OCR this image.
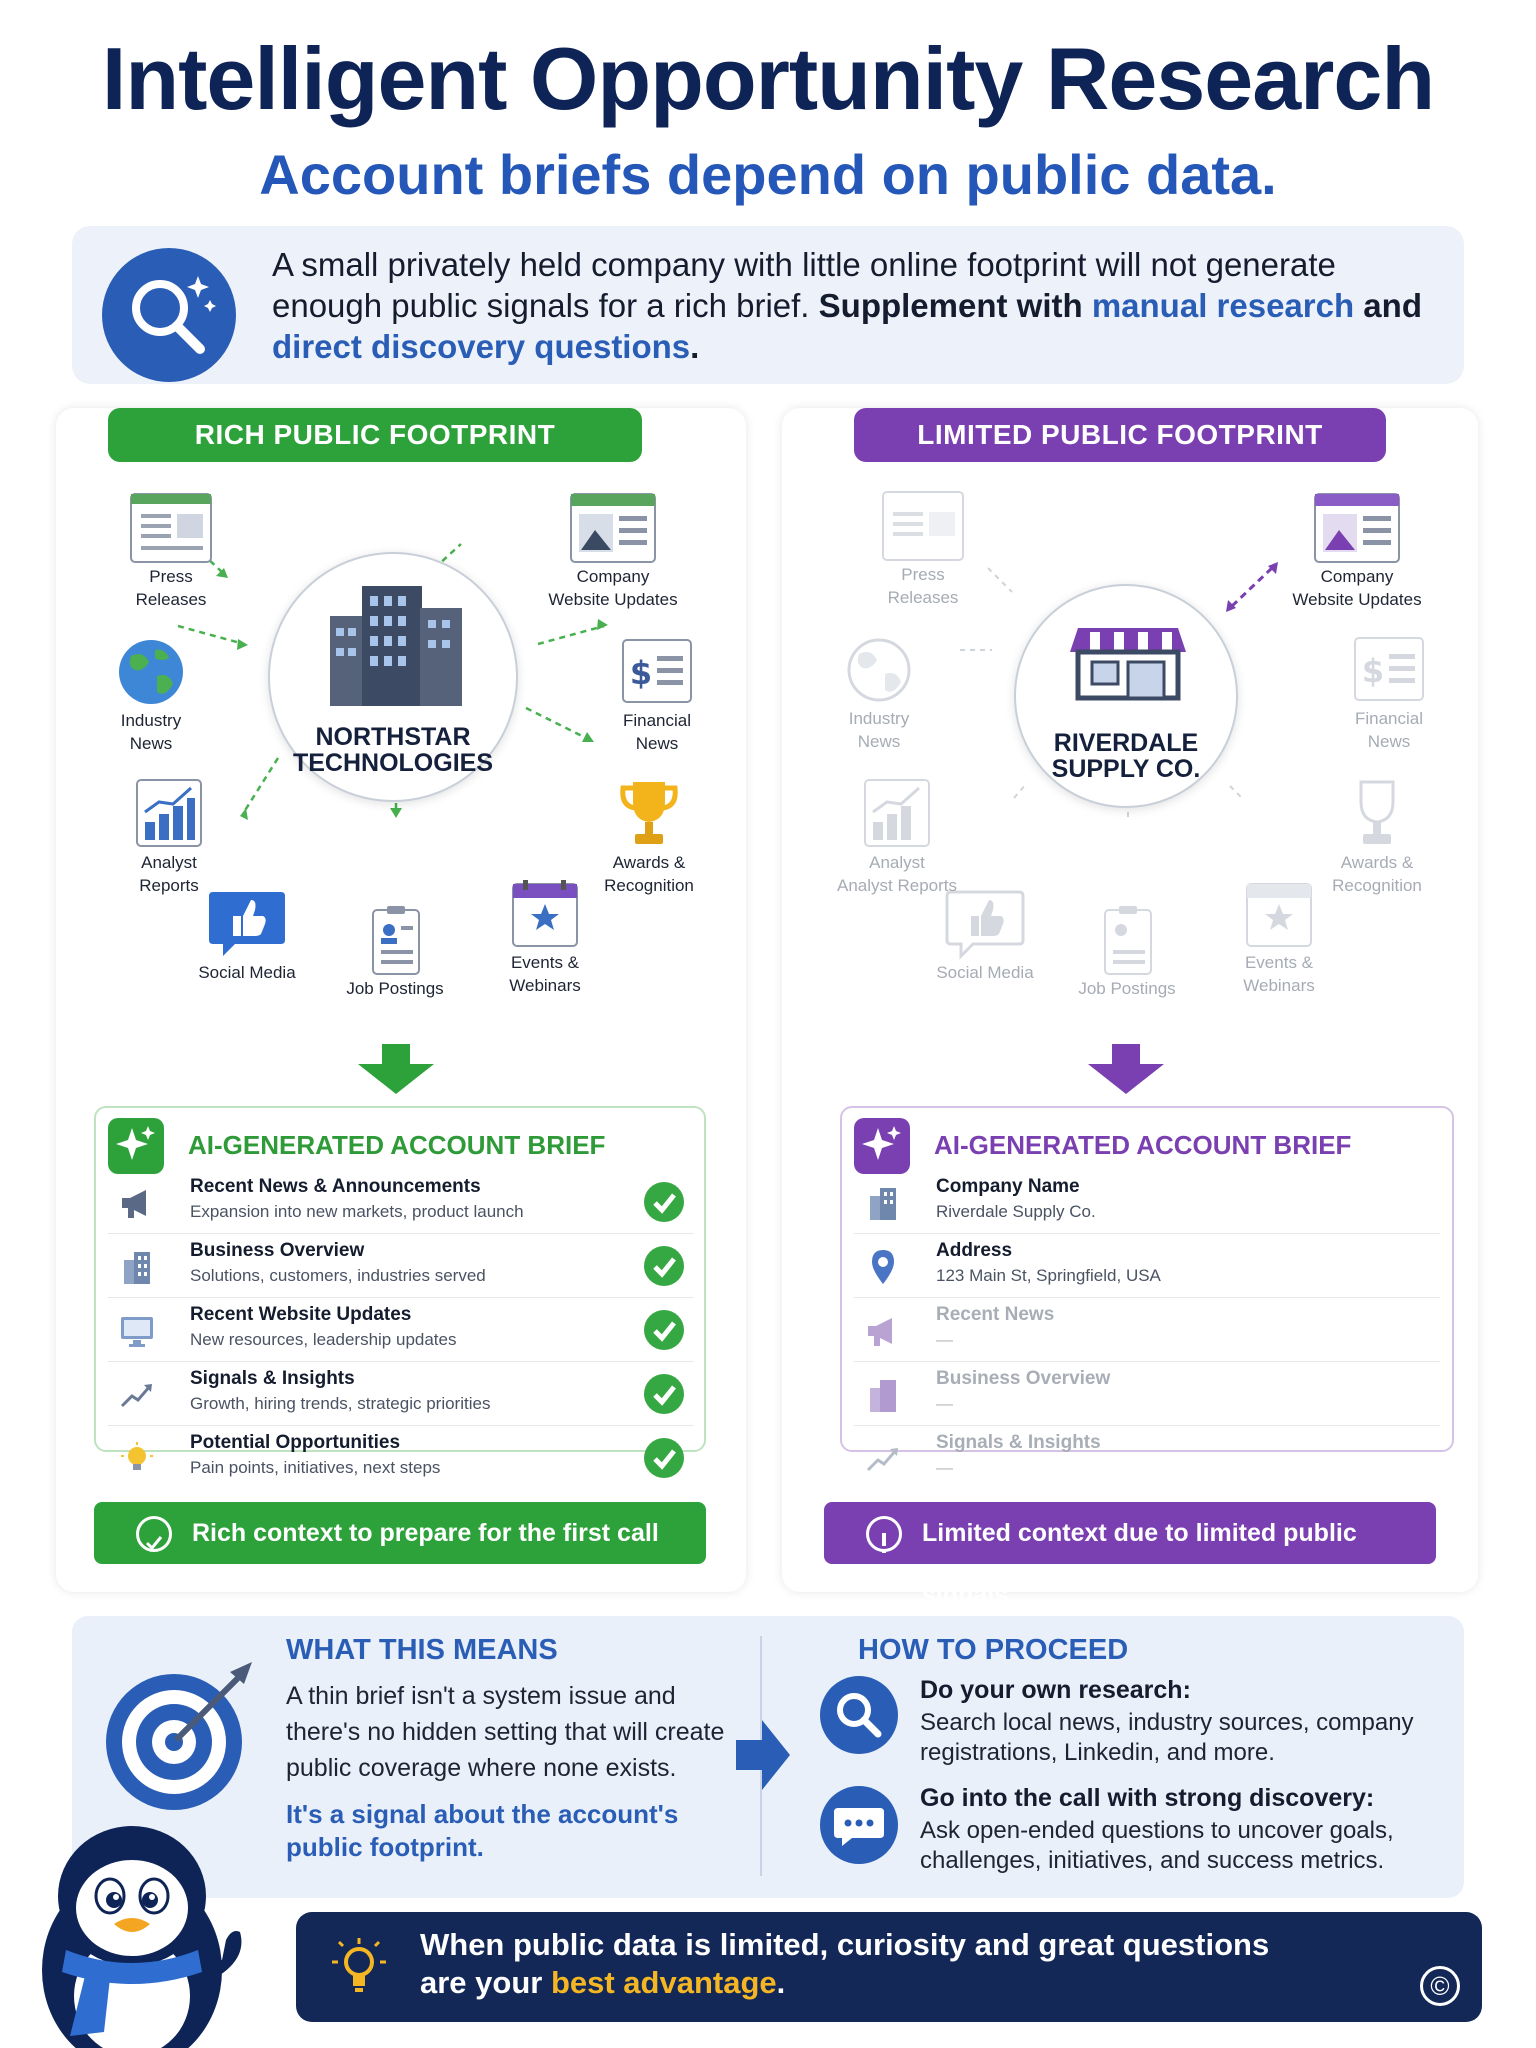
Intelligent Opportunity Research
Account briefs depend on public data.
A small privately held company with little online footprint will not generate enough public signals for a rich brief. Supplement with manual research and direct discovery questions.
RICH PUBLIC FOOTPRINT
Press
Releases
Company
Website Updates
Industry
News
$
Financial
News
Analyst
Reports
Awards &
Recognition
Social Media
Job Postings
Events &
Webinars
NORTHSTAR
TECHNOLOGIES
AI-GENERATED ACCOUNT BRIEF
Recent News & Announcements
Expansion into new markets, product launch
Business Overview
Solutions, customers, industries served
Recent Website Updates
New resources, leadership updates
Signals & Insights
Growth, hiring trends, strategic priorities
Potential Opportunities
Pain points, initiatives, next steps
Rich context to prepare for the first call
LIMITED PUBLIC FOOTPRINT
Press
Releases
Company
Website Updates
Industry
News
$
Financial
News
Analyst
Analyst Reports
Awards &
Recognition
Social Media
Job Postings
Events &
Webinars
RIVERDALE
SUPPLY CO.
AI-GENERATED ACCOUNT BRIEF
Company Name
Riverdale Supply Co.
Address
123 Main St, Springfield, USA
Recent News
—
Business Overview
—
Signals & Insights
—
Limited context due to limited public signals
WHAT THIS MEANS
A thin brief isn't a system issue and there's no hidden setting that will create public coverage where none exists.
It's a signal about the account's public footprint.
HOW TO PROCEED
Do your own research:
Search local news, industry sources, company registrations, Linkedin, and more.
Go into the call with strong discovery:
Ask open-ended questions to uncover goals, challenges, initiatives, and success metrics.
When public data is limited, curiosity and great questions
are your best advantage.	©
